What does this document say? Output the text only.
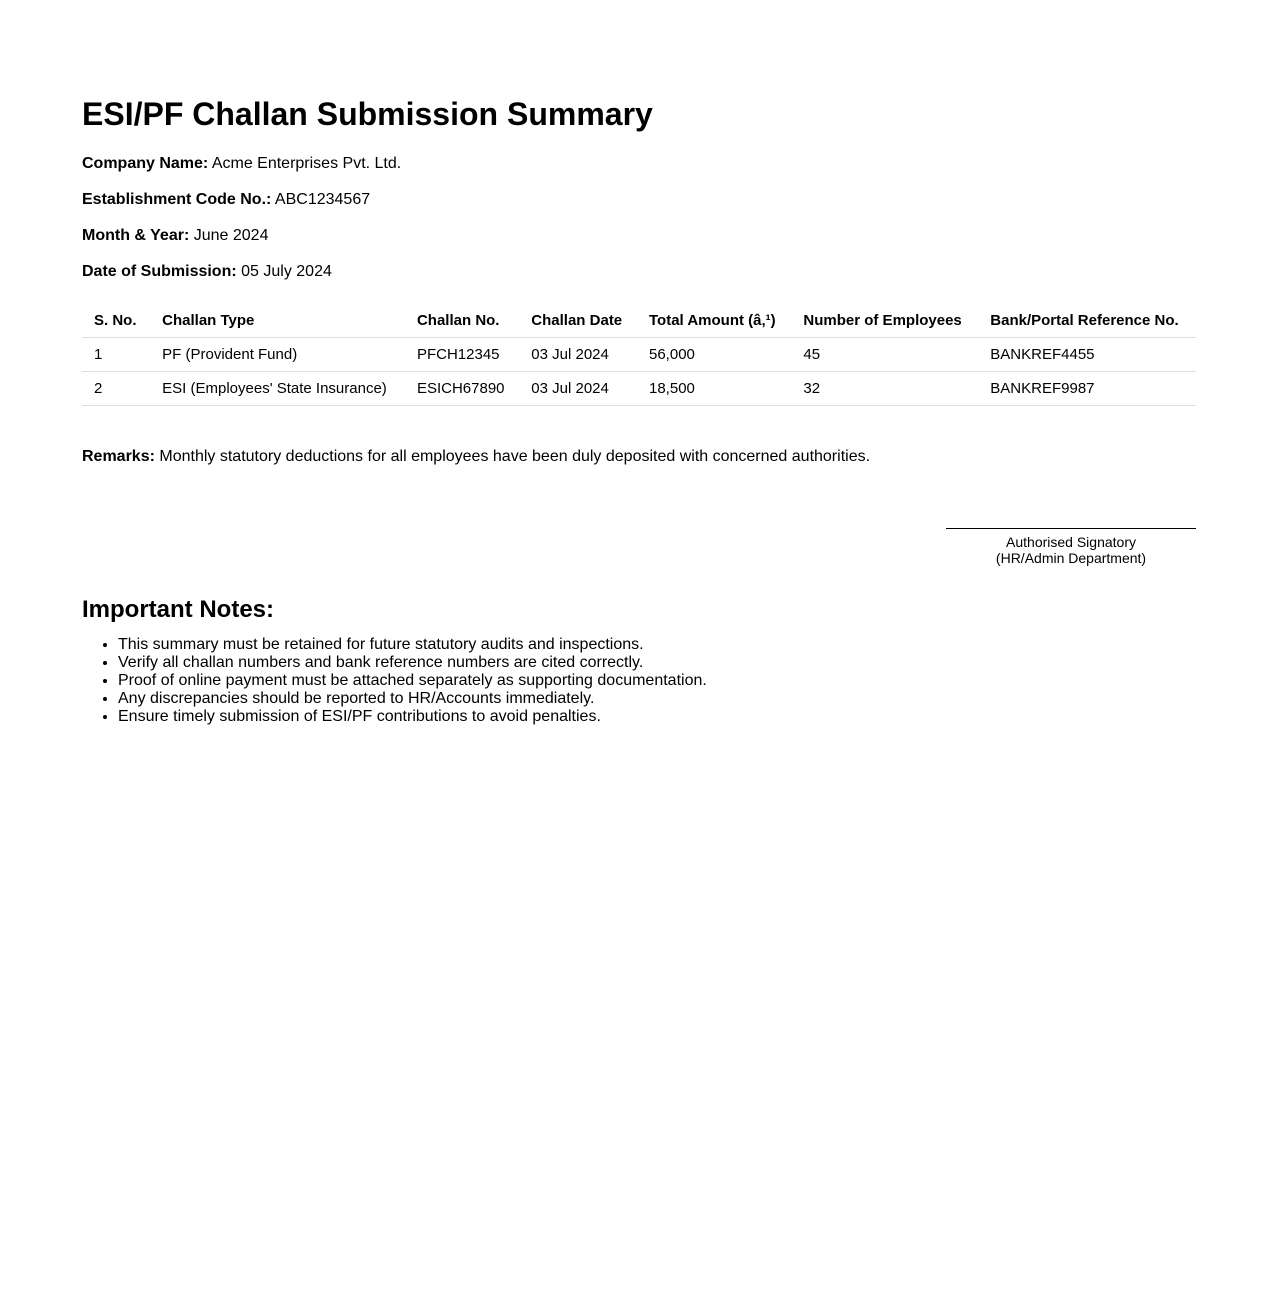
ESI/PF Challan Submission Summary

Company Name: Acme Enterprises Pvt. Ltd.

Establishment Code No.: ABC1234567

Month & Year: June 2024

Date of Submission: 05 July 2024

S. No.	Challan Type	Challan No.	Challan Date	Total Amount (â‚¹)	Number of Employees	Bank/Portal Reference No.
1	PF (Provident Fund)	PFCH12345	03 Jul 2024	56,000	45	BANKREF4455
2	ESI (Employees' State Insurance)	ESICH67890	03 Jul 2024	18,500	32	BANKREF9987

Remarks: Monthly statutory deductions for all employees have been duly deposited with concerned authorities.

Authorised Signatory
(HR/Admin Department)
Important Notes:
• This summary must be retained for future statutory audits and inspections.
• Verify all challan numbers and bank reference numbers are cited correctly.
• Proof of online payment must be attached separately as supporting documentation.
• Any discrepancies should be reported to HR/Accounts immediately.
• Ensure timely submission of ESI/PF contributions to avoid penalties.
